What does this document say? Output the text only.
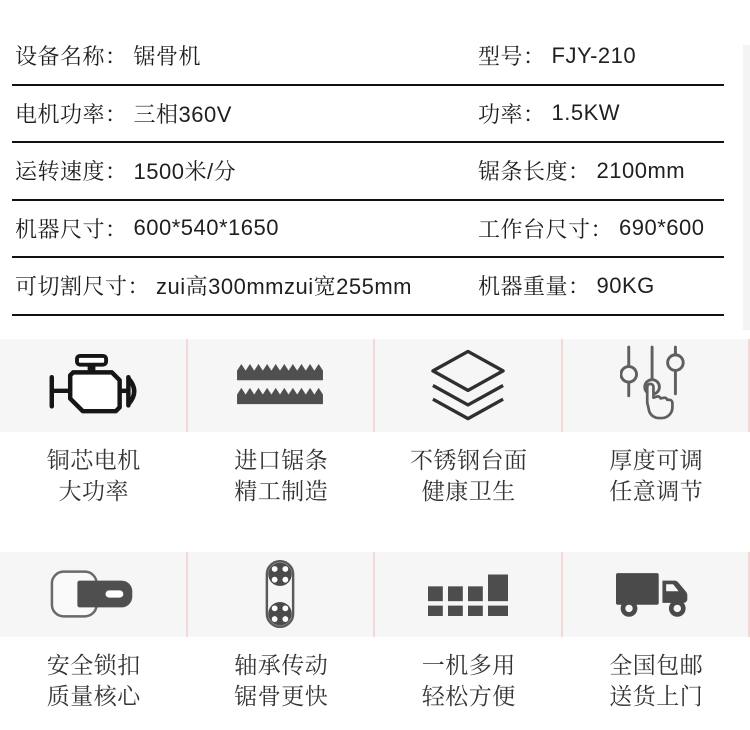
设备名称： 锯骨机	型号： FJY-210
电机功率： 三相360V	功率： 1.5KW
运转速度： 1500米/分	锯条长度： 2100mm
机器尺寸： 600*540*1650	工作台尺寸： 690*600
可切割尺寸： zui高300mmzui宽255mm	机器重量： 90KG
铜芯电机
大功率
进口锯条
精工制造
不锈钢台面
健康卫生
厚度可调
任意调节
安全锁扣
质量核心
轴承传动
锯骨更快
一机多用
轻松方便
全国包邮
送货上门
